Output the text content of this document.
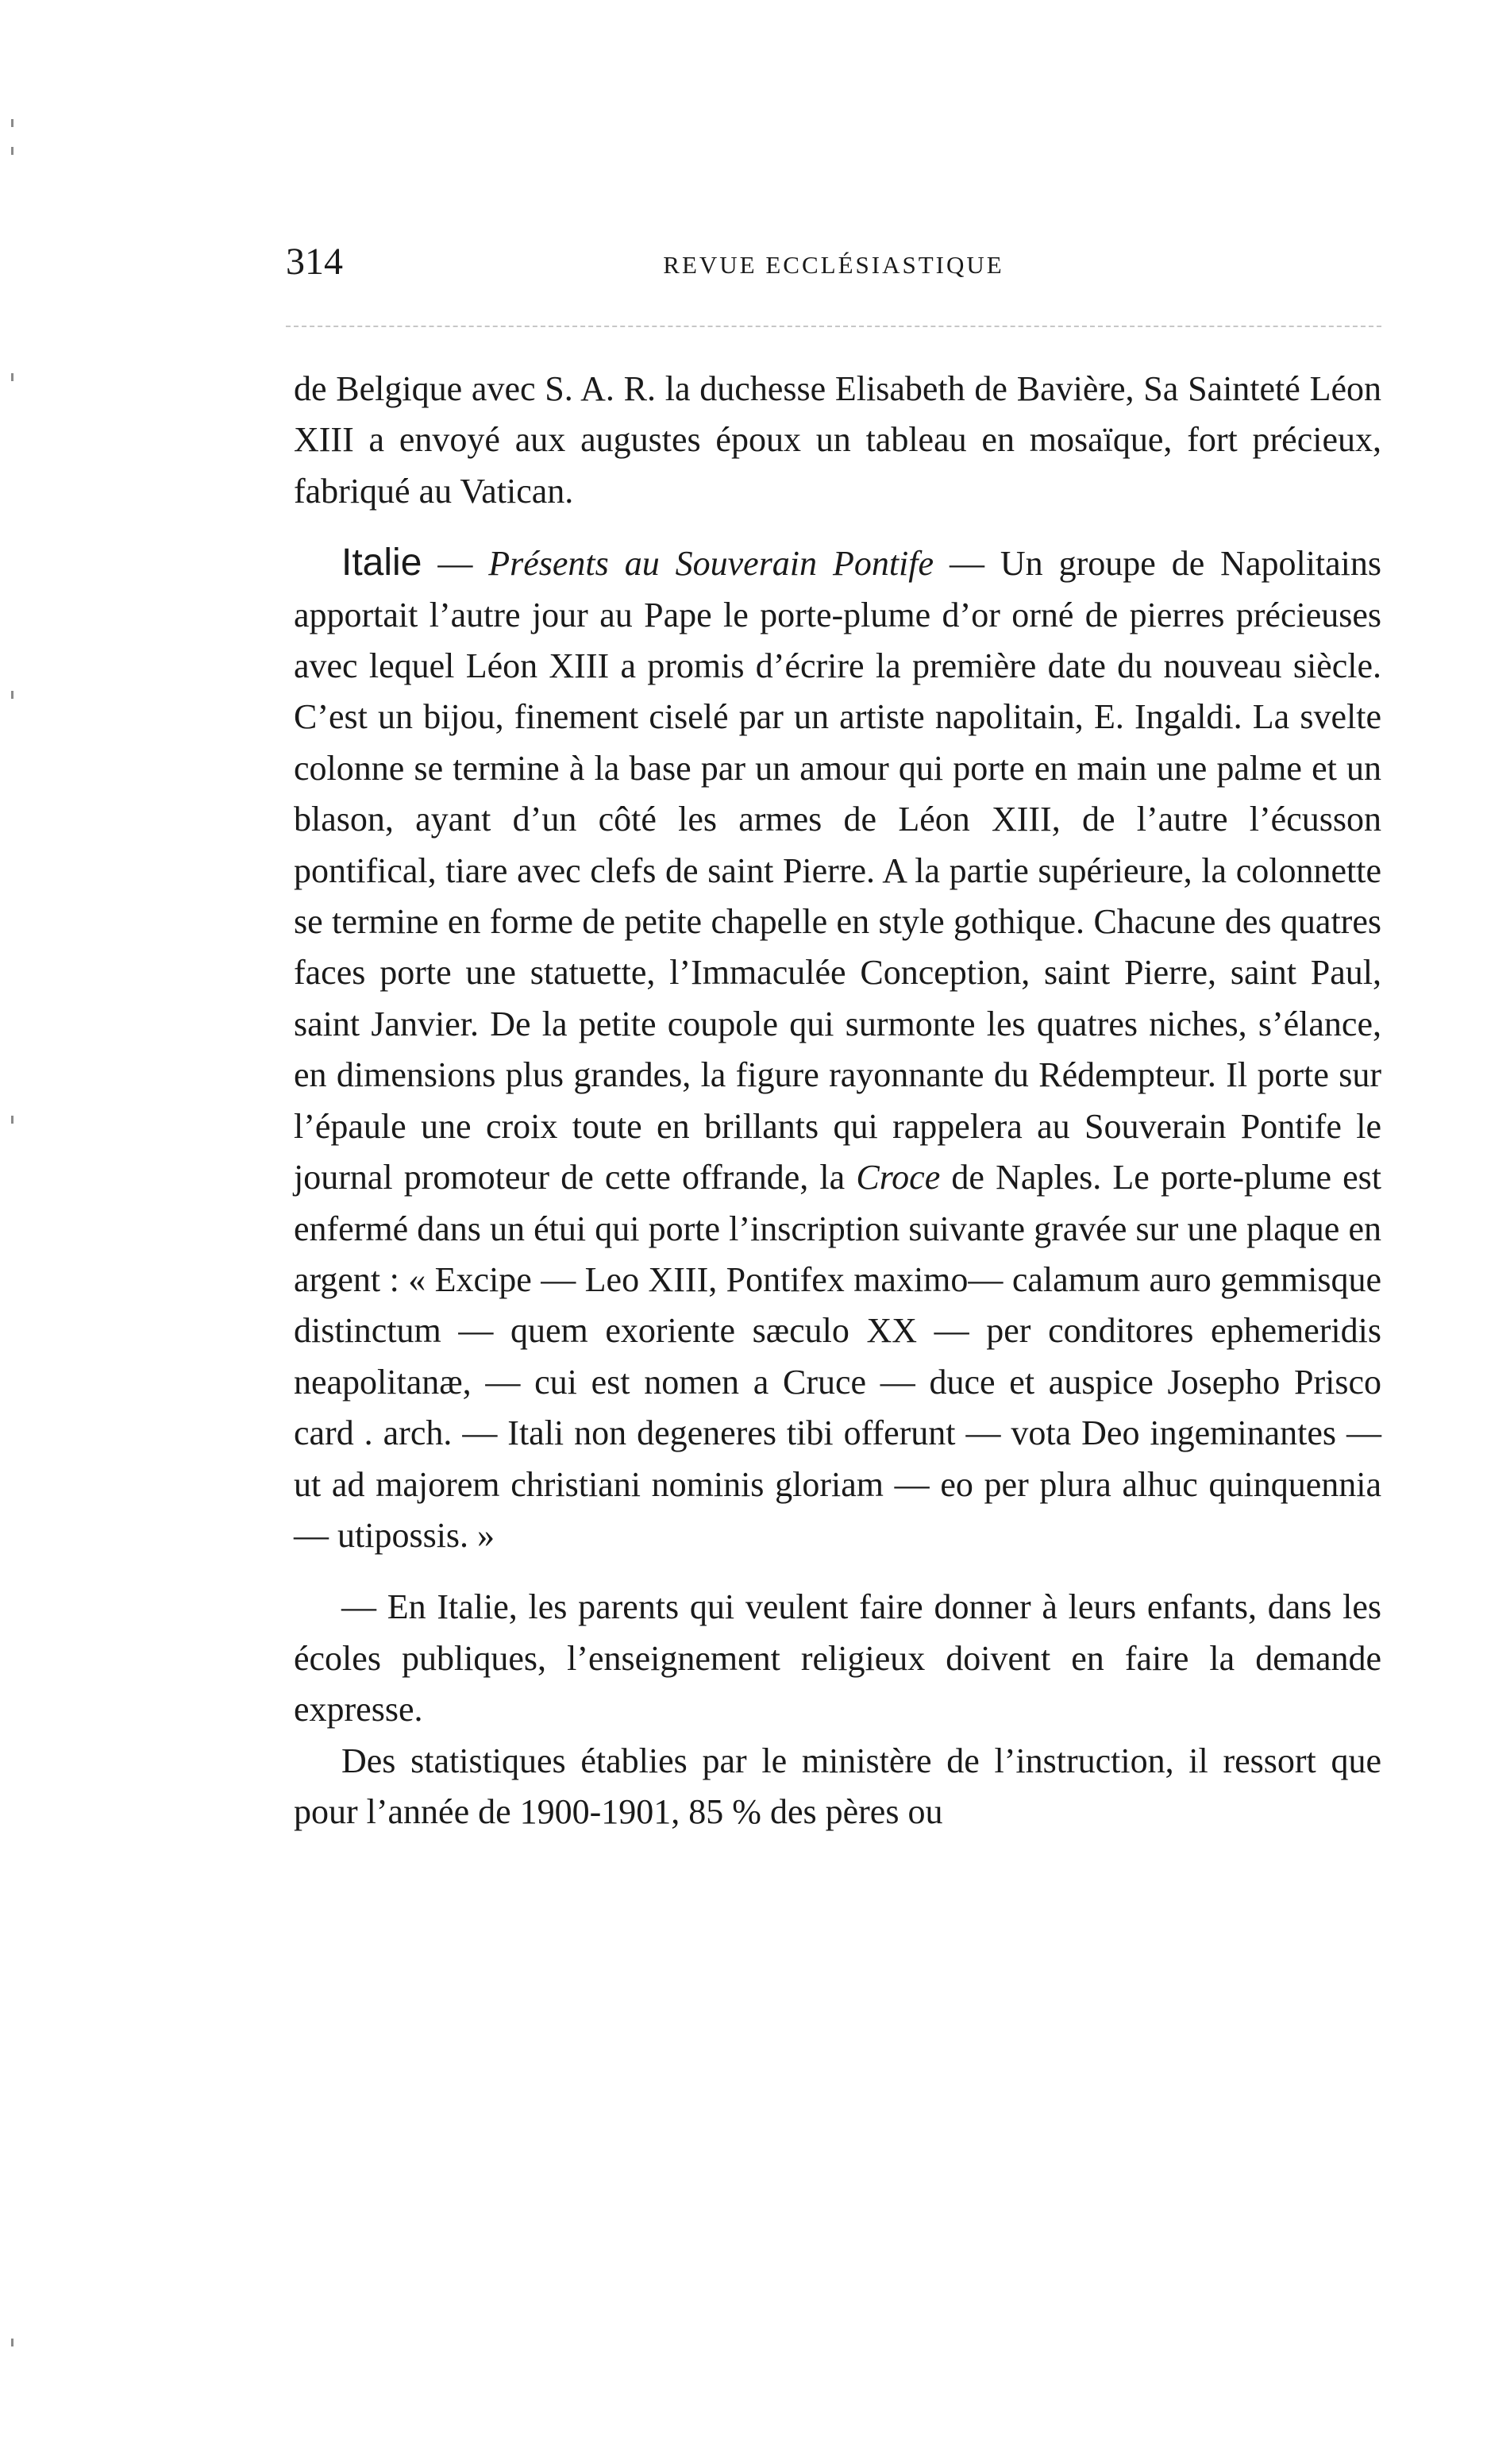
314	REVUE ECCLÉSIASTIQUE

de Belgique avec S. A. R. la duchesse Elisabeth de Bavière, Sa Sainteté Léon XIII a envoyé aux augustes époux un tableau en mosaïque, fort précieux, fabriqué au Vatican.

Italie — Présents au Souverain Pontife — Un groupe de Napolitains apportait l’autre jour au Pape le porte-plume d’or orné de pierres précieuses avec lequel Léon XIII a promis d’écrire la première date du nouveau siècle. C’est un bijou, finement ciselé par un artiste napolitain, E. Ingaldi. La svelte colonne se termine à la base par un amour qui porte en main une palme et un blason, ayant d’un côté les armes de Léon XIII, de l’autre l’écusson pontifical, tiare avec clefs de saint Pierre. A la partie supérieure, la colonnette se termine en forme de petite chapelle en style gothique. Chacune des quatres faces porte une statuette, l’Immaculée Conception, saint Pierre, saint Paul, saint Janvier. De la petite coupole qui surmonte les quatres niches, s’élance, en dimensions plus grandes, la figure rayonnante du Rédempteur. Il porte sur l’épaule une croix toute en brillants qui rappelera au Souverain Pontife le journal promoteur de cette offrande, la Croce de Naples. Le porte-plume est enfermé dans un étui qui porte l’inscription suivante gravée sur une plaque en argent : « Excipe — Leo XIII, Pontifex maximo— calamum auro gemmisque distinctum — quem exoriente sæculo XX — per conditores ephemeridis neapolitanæ, — cui est nomen a Cruce — duce et auspice Josepho Prisco card . arch. — Itali non degeneres tibi offerunt — vota Deo ingeminantes — ut ad majorem christiani nominis gloriam — eo per plura alhuc quinquennia — utipossis. »

— En Italie, les parents qui veulent faire donner à leurs enfants, dans les écoles publiques, l’enseignement religieux doivent en faire la demande expresse.

Des statistiques établies par le ministère de l’instruction, il ressort que pour l’année de 1900-1901, 85 % des pères ou
